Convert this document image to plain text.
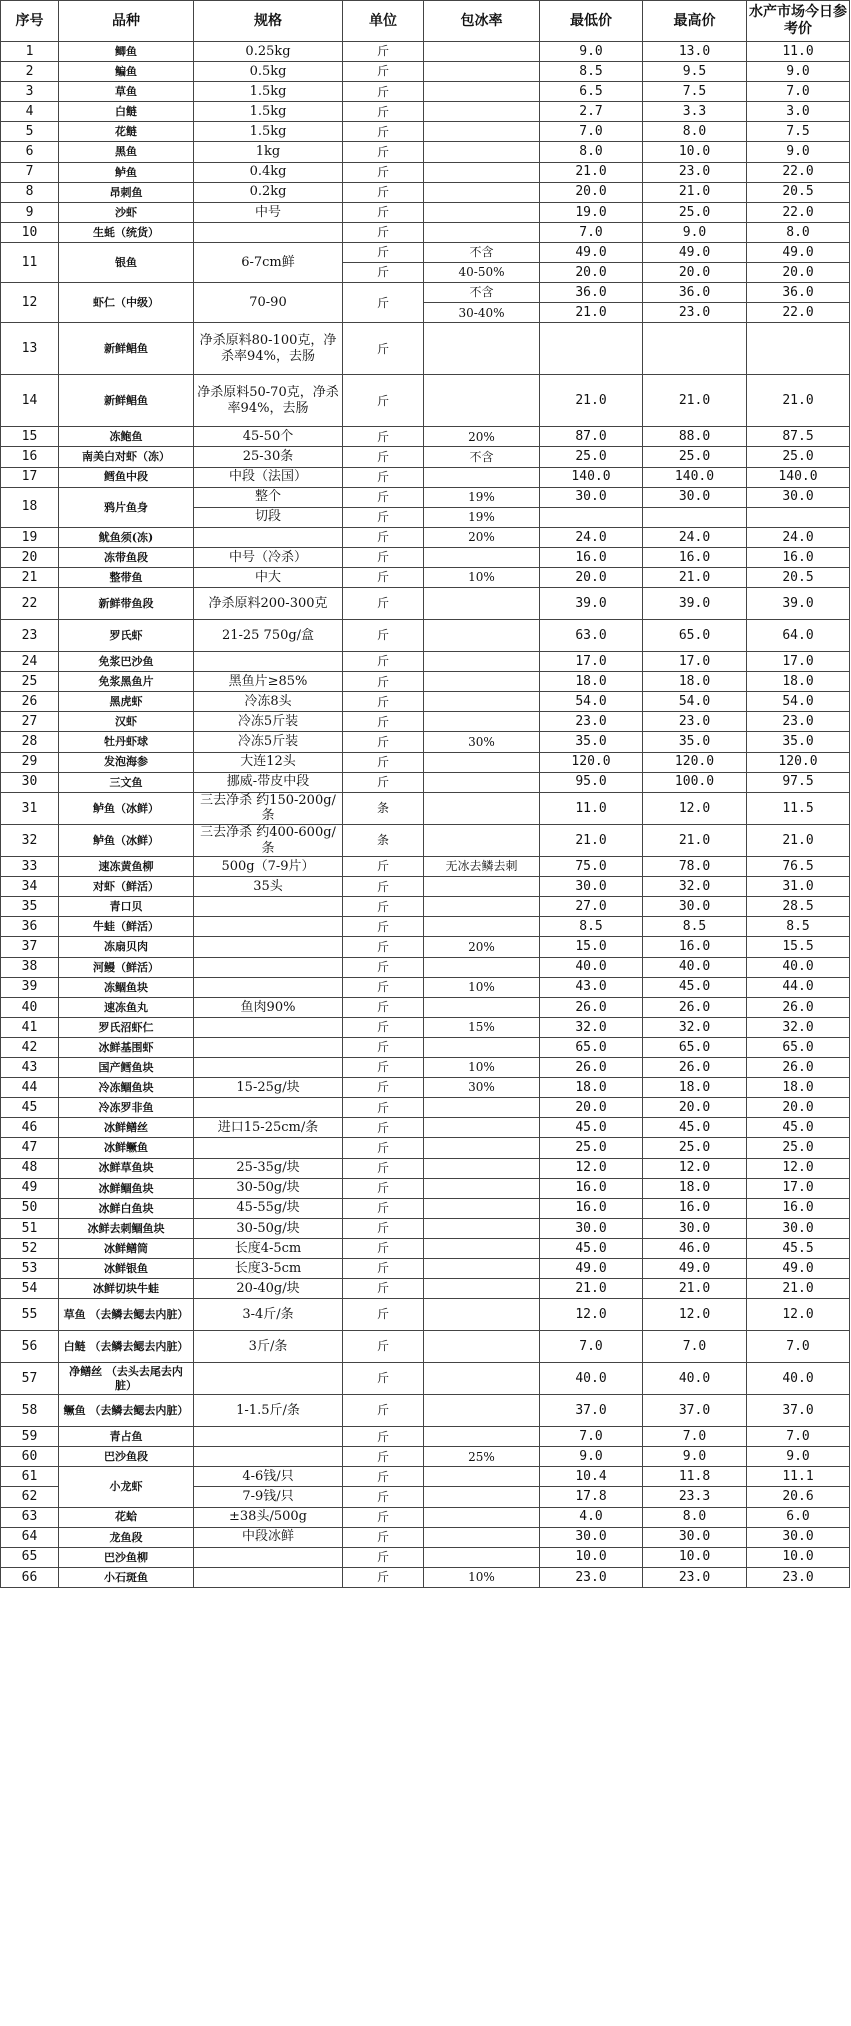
序号	品种	规格	单位	包冰率	最低价	最高价	水产市场今日参考价
1	鲫鱼	0.25kg	斤		9.0	13.0	11.0
2	鳊鱼	0.5kg	斤		8.5	9.5	9.0
3	草鱼	1.5kg	斤		6.5	7.5	7.0
4	白鲢	1.5kg	斤		2.7	3.3	3.0
5	花鲢	1.5kg	斤		7.0	8.0	7.5
6	黑鱼	1kg	斤		8.0	10.0	9.0
7	鲈鱼	0.4kg	斤		21.0	23.0	22.0
8	昂刺鱼	0.2kg	斤		20.0	21.0	20.5
9	沙虾	中号	斤		19.0	25.0	22.0
10	生蚝（统货）		斤		7.0	9.0	8.0
11	银鱼	6-7cm鲜	斤	不含	49.0	49.0	49.0
			斤	40-50%	20.0	20.0	20.0
12	虾仁（中级）	70-90	斤	不含	36.0	36.0	36.0
				30-40%	21.0	23.0	22.0
13	新鲜鲳鱼	净杀原料80-100克，净杀率94%，去肠	斤				
14	新鲜鲳鱼	净杀原料50-70克，净杀率94%，去肠	斤		21.0	21.0	21.0
15	冻鲍鱼	45-50个	斤	20%	87.0	88.0	87.5
16	南美白对虾（冻）	25-30条	斤	不含	25.0	25.0	25.0
17	鳕鱼中段	中段（法国）	斤		140.0	140.0	140.0
18	鸦片鱼身	整个	斤	19%	30.0	30.0	30.0
		切段	斤	19%			
19	鱿鱼须(冻)		斤	20%	24.0	24.0	24.0
20	冻带鱼段	中号（冷杀）	斤		16.0	16.0	16.0
21	整带鱼	中大	斤	10%	20.0	21.0	20.5
22	新鲜带鱼段	净杀原料200-300克	斤		39.0	39.0	39.0
23	罗氏虾	21-25 750g/盒	斤		63.0	65.0	64.0
24	免浆巴沙鱼		斤		17.0	17.0	17.0
25	免浆黑鱼片	黑鱼片≥85%	斤		18.0	18.0	18.0
26	黑虎虾	冷冻8头	斤		54.0	54.0	54.0
27	汉虾	冷冻5斤装	斤		23.0	23.0	23.0
28	牡丹虾球	冷冻5斤装	斤	30%	35.0	35.0	35.0
29	发泡海参	大连12头	斤		120.0	120.0	120.0
30	三文鱼	挪威-带皮中段	斤		95.0	100.0	97.5
31	鲈鱼（冰鲜）	三去净杀 约150-200g/条	条		11.0	12.0	11.5
32	鲈鱼（冰鲜）	三去净杀 约400-600g/条	条		21.0	21.0	21.0
33	速冻黄鱼柳	500g（7-9片）	斤	无冰去鳞去刺	75.0	78.0	76.5
34	对虾（鲜活）	35头	斤		30.0	32.0	31.0
35	青口贝		斤		27.0	30.0	28.5
36	牛蛙（鲜活）		斤		8.5	8.5	8.5
37	冻扇贝肉		斤	20%	15.0	16.0	15.5
38	河鳗（鲜活）		斤		40.0	40.0	40.0
39	冻鲴鱼块		斤	10%	43.0	45.0	44.0
40	速冻鱼丸	鱼肉90%	斤		26.0	26.0	26.0
41	罗氏沼虾仁		斤	15%	32.0	32.0	32.0
42	冰鲜基围虾		斤		65.0	65.0	65.0
43	国产鳕鱼块		斤	10%	26.0	26.0	26.0
44	冷冻鲴鱼块	15-25g/块	斤	30%	18.0	18.0	18.0
45	冷冻罗非鱼		斤		20.0	20.0	20.0
46	冰鲜鳝丝	进口15-25cm/条	斤		45.0	45.0	45.0
47	冰鲜鳜鱼		斤		25.0	25.0	25.0
48	冰鲜草鱼块	25-35g/块	斤		12.0	12.0	12.0
49	冰鲜鲴鱼块	30-50g/块	斤		16.0	18.0	17.0
50	冰鲜白鱼块	45-55g/块	斤		16.0	16.0	16.0
51	冰鲜去刺鲴鱼块	30-50g/块	斤		30.0	30.0	30.0
52	冰鲜鳝筒	长度4-5cm	斤		45.0	46.0	45.5
53	冰鲜银鱼	长度3-5cm	斤		49.0	49.0	49.0
54	冰鲜切块牛蛙	20-40g/块	斤		21.0	21.0	21.0
55	草鱼 （去鳞去鳃去内脏）	3-4斤/条	斤		12.0	12.0	12.0
56	白鲢 （去鳞去鳃去内脏）	3斤/条	斤		7.0	7.0	7.0
57	净鳝丝 （去头去尾去内脏）		斤		40.0	40.0	40.0
58	鳜鱼 （去鳞去鳃去内脏）	1-1.5斤/条	斤		37.0	37.0	37.0
59	青占鱼		斤		7.0	7.0	7.0
60	巴沙鱼段		斤	25%	9.0	9.0	9.0
61	小龙虾	4-6钱/只	斤		10.4	11.8	11.1
62		7-9钱/只	斤		17.8	23.3	20.6
63	花蛤	±38头/500g	斤		4.0	8.0	6.0
64	龙鱼段	中段冰鲜	斤		30.0	30.0	30.0
65	巴沙鱼柳		斤		10.0	10.0	10.0
66	小石斑鱼		斤	10%	23.0	23.0	23.0
